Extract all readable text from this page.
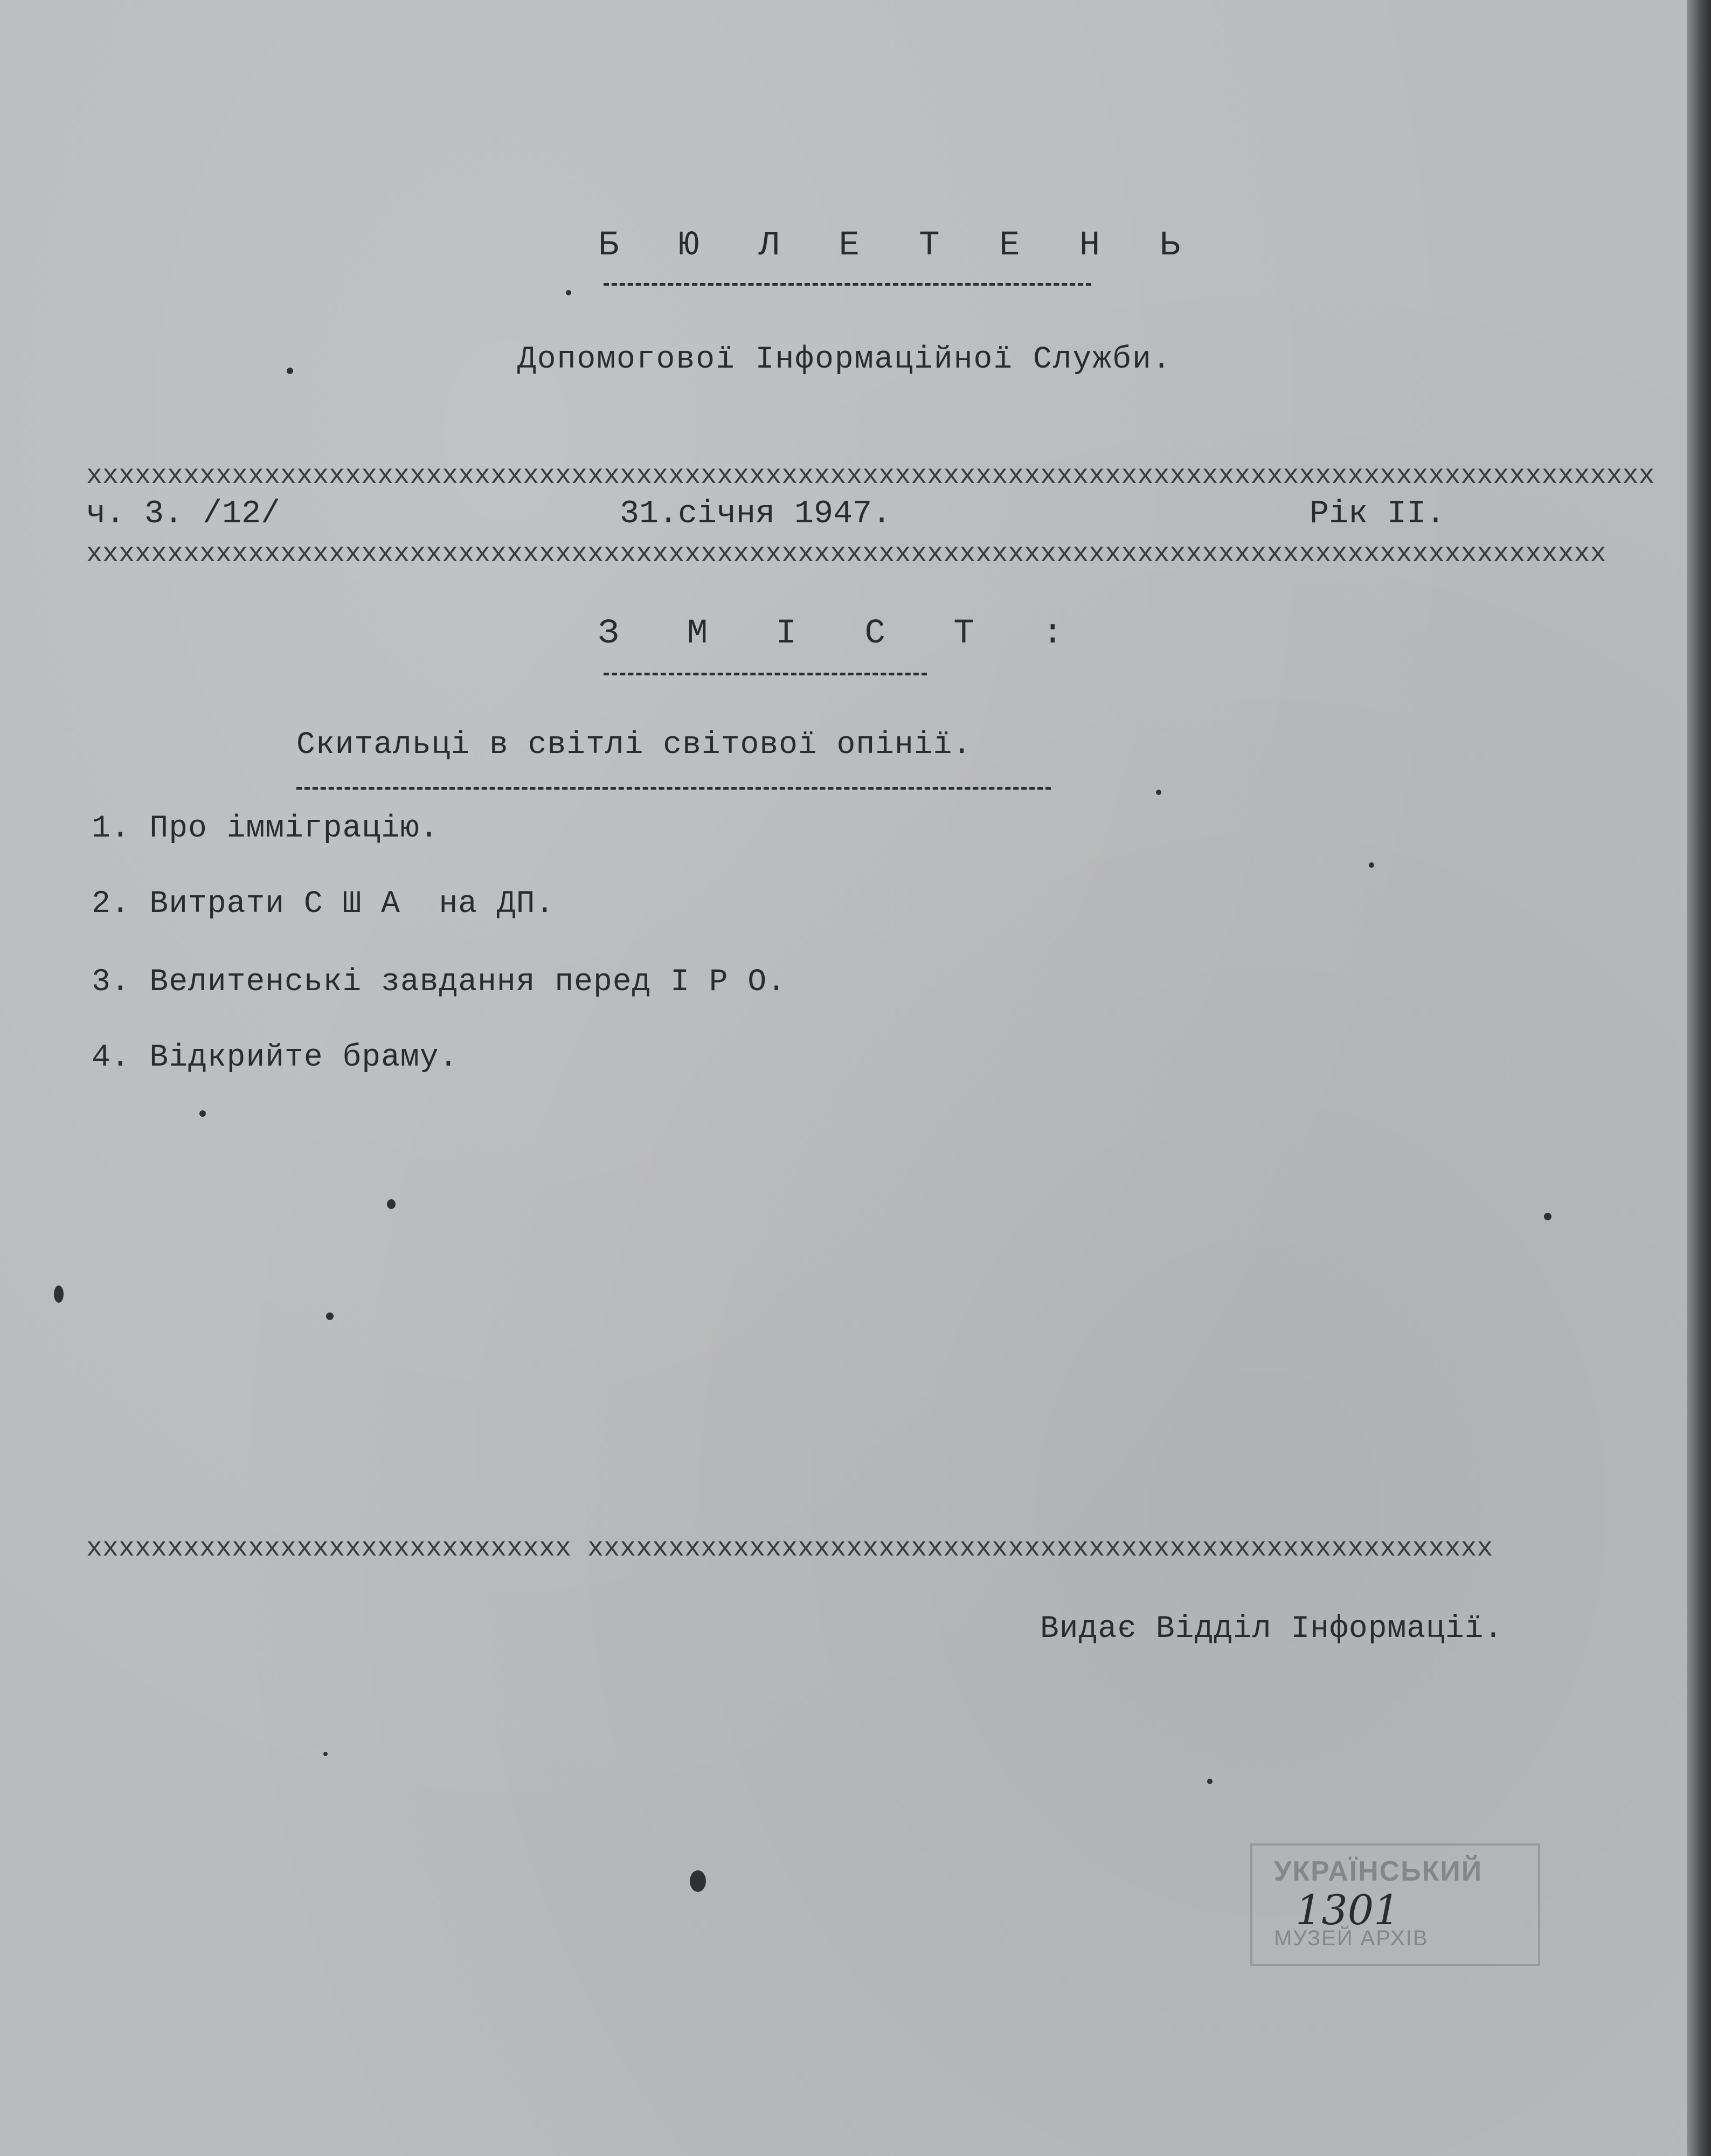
Б Ю Л Е Т Е Н Ь
Допомогової Інформаційної Служби.
xxxxxxxxxxxxxxxxxxxxxxxxxxxxxxxxxxxxxxxxxxxxxxxxxxxxxxxxxxxxxxxxxxxxxxxxxxxxxxxxxxxxxxxxxxxxxxxxx
ч. 3. /12/	31.січня 1947.	Рік II.
xxxxxxxxxxxxxxxxxxxxxxxxxxxxxxxxxxxxxxxxxxxxxxxxxxxxxxxxxxxxxxxxxxxxxxxxxxxxxxxxxxxxxxxxxxxxxx
З М І С Т :
Скитальці в світлі світової опінії.
1. Про імміграцію.
2. Витрати С Ш А  на ДП.
3. Велитенські завдання перед І Р О.
4. Відкрийте браму.
xxxxxxxxxxxxxxxxxxxxxxxxxxxxxx xxxxxxxxxxxxxxxxxxxxxxxxxxxxxxxxxxxxxxxxxxxxxxxxxxxxxxxx
Видає Відділ Інформації.
УКРАЇНСЬКИЙ
1301
МУЗЕЙ АРХІВ
